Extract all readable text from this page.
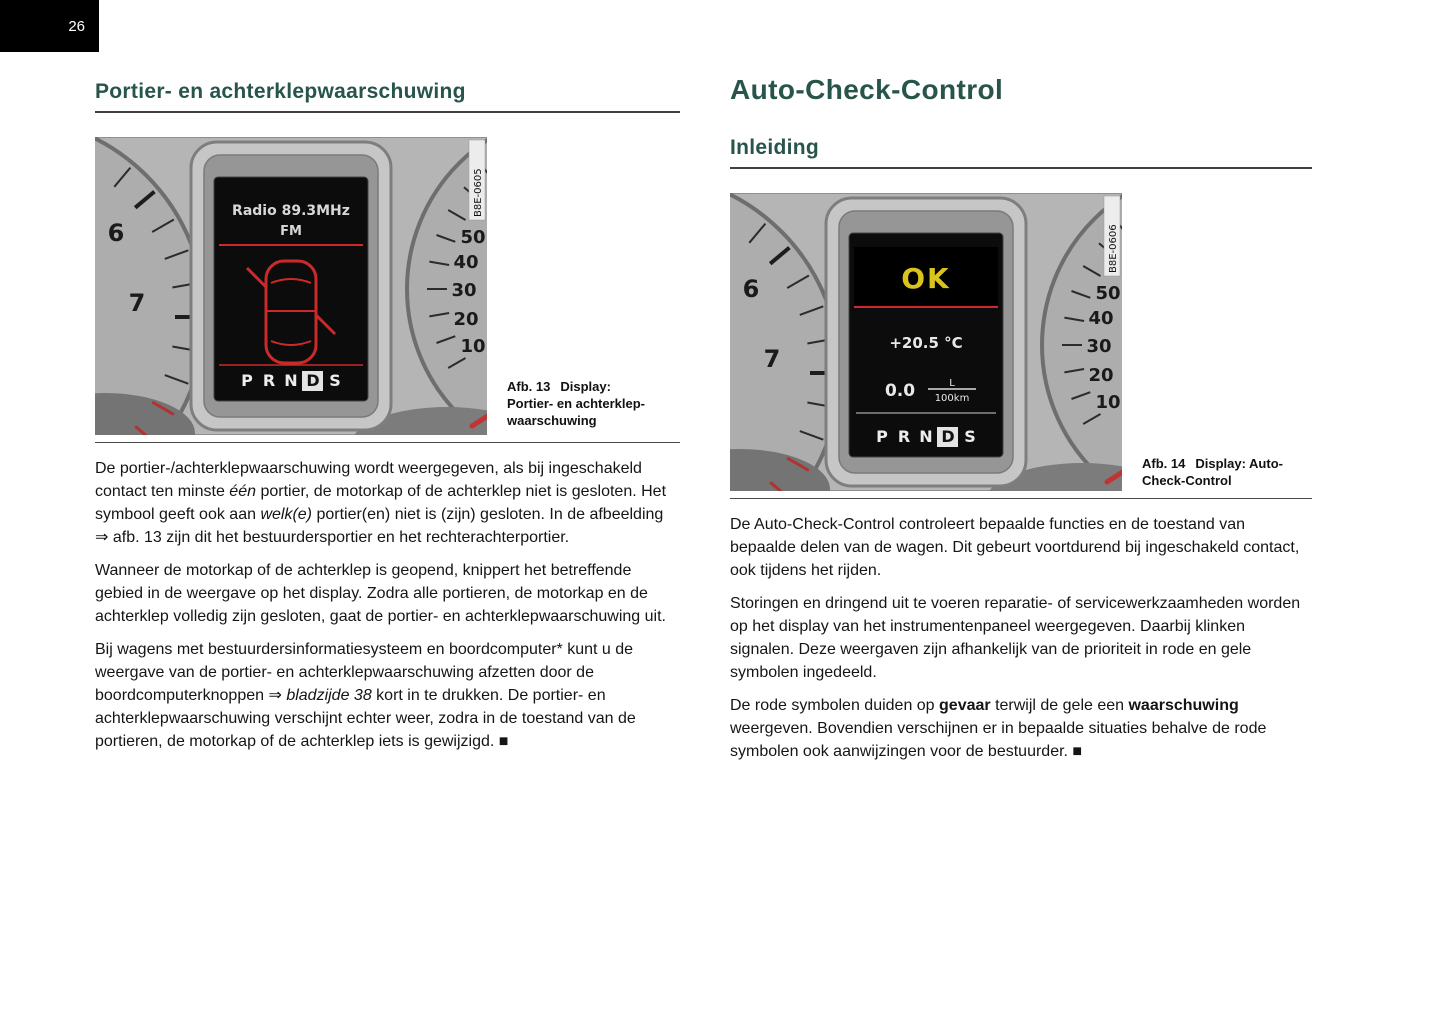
26
Portier- en achterklepwaarschuwing
6
7
50
40
30
20
10
B8E-0605
Radio 89.3MHz
FM
P R N D S	Afb. 13 Display:
Portier- en achterklep-
waarschuwing

De portier-/achterklepwaarschuwing wordt weergegeven, als bij ingeschakeld contact ten minste één portier, de motorkap of de achterklep niet is gesloten. Het symbool geeft ook aan welk(e) portier(en) niet is (zijn) gesloten. In de afbeelding ⇒ afb. 13 zijn dit het bestuurdersportier en het rechterachterportier.

Wanneer de motorkap of de achterklep is geopend, knippert het betreffende gebied in de weergave op het display. Zodra alle portieren, de motorkap en de achterklep volledig zijn gesloten, gaat de portier- en achterklepwaarschuwing uit.

Bij wagens met bestuurdersinformatiesysteem en boordcomputer* kunt u de weergave van de portier- en achterklepwaarschuwing afzetten door de boordcomputerknoppen ⇒ bladzijde 38 kort in te drukken. De portier- en achterklepwaarschuwing verschijnt echter weer, zodra in de toestand van de portieren, de motorkap of de achterklep iets is gewijzigd. ■

Auto-Check-Control
Inleiding
6
7
50
40
30
20
10
B8E-0606
OK
+20.5 °C
0.0	L
100km
P R N D S
Afb. 14 Display: Auto-
Check-Control

De Auto-Check-Control controleert bepaalde functies en de toestand van bepaalde delen van de wagen. Dit gebeurt voortdurend bij ingeschakeld contact, ook tijdens het rijden.

Storingen en dringend uit te voeren reparatie- of servicewerkzaamheden worden op het display van het instrumentenpaneel weergegeven. Daarbij klinken signalen. Deze weergaven zijn afhankelijk van de prioriteit in rode en gele symbolen ingedeeld.

De rode symbolen duiden op gevaar terwijl de gele een waarschuwing weergeven. Bovendien verschijnen er in bepaalde situaties behalve de rode symbolen ook aanwijzingen voor de bestuurder. ■
